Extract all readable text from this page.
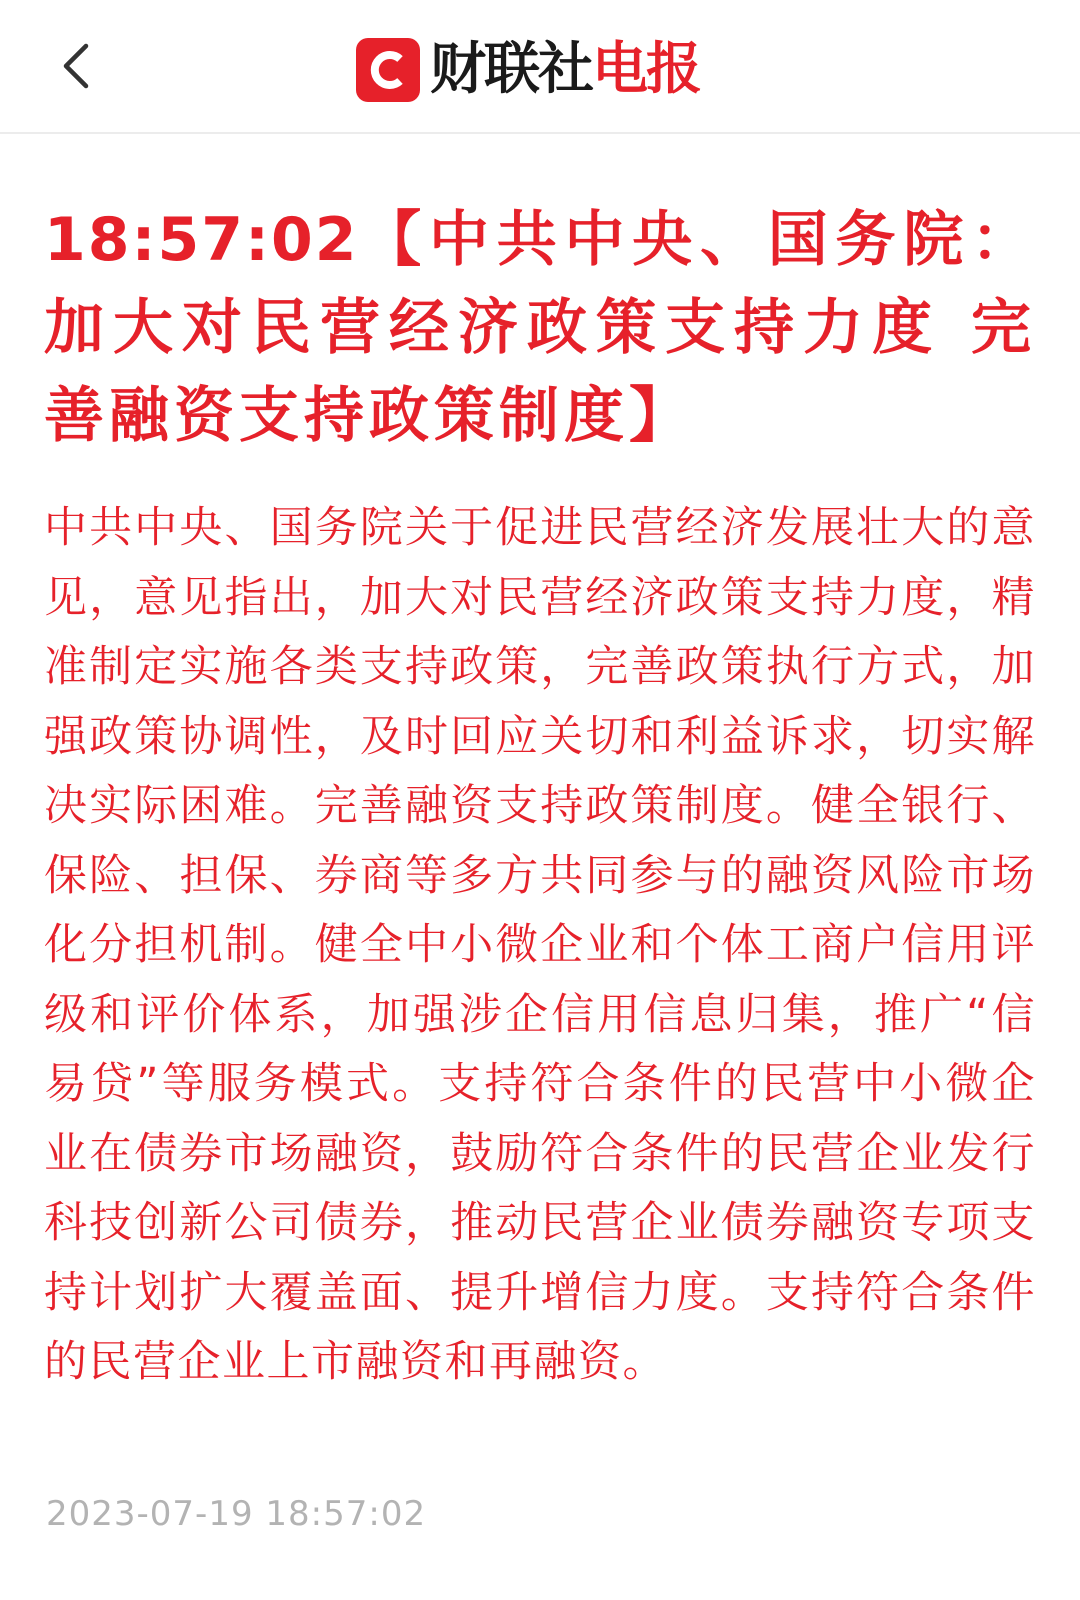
财联社 电报
18:57:02【中共中央、国务院：加大对民营经济政策支持力度 完善融资支持政策制度】

中共中央、国务院关于促进民营经济发展壮大的意见，意见指出，加大对民营经济政策支持力度，精准制定实施各类支持政策，完善政策执行方式，加强政策协调性，及时回应关切和利益诉求，切实解决实际困难。完善融资支持政策制度。健全银行、保险、担保、券商等多方共同参与的融资风险市场化分担机制。健全中小微企业和个体工商户信用评级和评价体系，加强涉企信用信息归集，推广“信易贷”等服务模式。支持符合条件的民营中小微企业在债券市场融资，鼓励符合条件的民营企业发行科技创新公司债券，推动民营企业债券融资专项支持计划扩大覆盖面、提升增信力度。支持符合条件的民营企业上市融资和再融资。

2023-07-19 18:57:02
